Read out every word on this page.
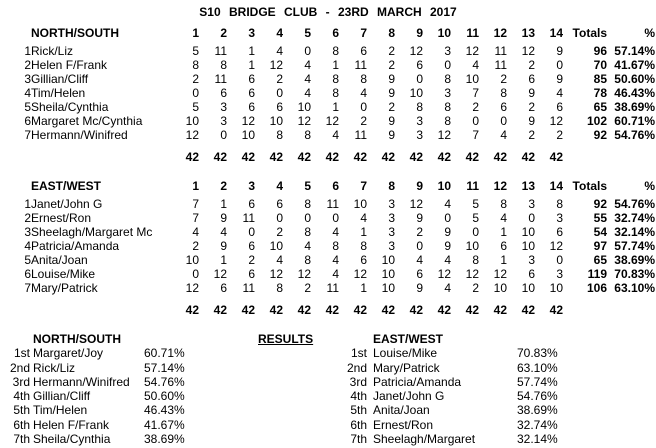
S10 BRIDGE CLUB - 23RD MARCH 2017
	NORTH/SOUTH	1	2	3	4	5	6	7	8	9	10	11	12	13	14	Totals	%

1	Rick/Liz	5	11	1	4	0	8	6	2	12	3	12	11	12	9	96	57.14%
2	Helen F/Frank	8	8	1	12	4	1	11	2	6	0	4	11	2	0	70	41.67%
3	Gillian/Cliff	2	11	6	2	4	8	8	9	0	8	10	2	6	9	85	50.60%
4	Tim/Helen	0	6	6	0	4	8	4	9	10	3	7	8	9	4	78	46.43%
5	Sheila/Cynthia	5	3	6	6	10	1	0	2	8	8	2	6	2	6	65	38.69%
6	Margaret Mc/Cynthia	10	3	12	10	12	12	2	9	3	8	0	0	9	12	102	60.71%
7	Hermann/Winifred	12	0	10	8	8	4	11	9	3	12	7	4	2	2	92	54.76%

		42	42	42	42	42	42	42	42	42	42	42	42	42	42		
	EAST/WEST	1	2	3	4	5	6	7	8	9	10	11	12	13	14	Totals	%

1	Janet/John G	7	1	6	6	8	11	10	3	12	4	5	8	3	8	92	54.76%
2	Ernest/Ron	7	9	11	0	0	0	4	3	9	0	5	4	0	3	55	32.74%
3	Sheelagh/Margaret Mc	4	4	0	2	8	4	1	3	2	9	0	1	10	6	54	32.14%
4	Patricia/Amanda	2	9	6	10	4	8	8	3	0	9	10	6	10	12	97	57.74%
5	Anita/Joan	10	1	2	4	8	4	6	10	4	4	8	1	3	0	65	38.69%
6	Louise/Mike	0	12	6	12	12	4	12	10	6	12	12	12	6	3	119	70.83%
7	Mary/Patrick	12	6	11	8	2	11	1	10	9	4	2	10	10	10	106	63.10%

		42	42	42	42	42	42	42	42	42	42	42	42	42	42		
RESULTS
NORTH/SOUTH
1st Margaret/Joy	60.71%
2nd Rick/Liz	57.14%
3rd Hermann/Winifred 54.76%
4th Gillian/Cliff	50.60%
5th Tim/Helen	46.43%
6th Helen F/Frank	41.67%
7th Sheila/Cynthia	38.69%
EAST/WEST
1st Louise/Mike	70.83%
2nd Mary/Patrick	63.10%
3rd Patricia/Amanda	57.74%
4th Janet/John G	54.76%
5th Anita/Joan	38.69%
6th Ernest/Ron	32.74%
7th Sheelagh/Margaret	32.14%
